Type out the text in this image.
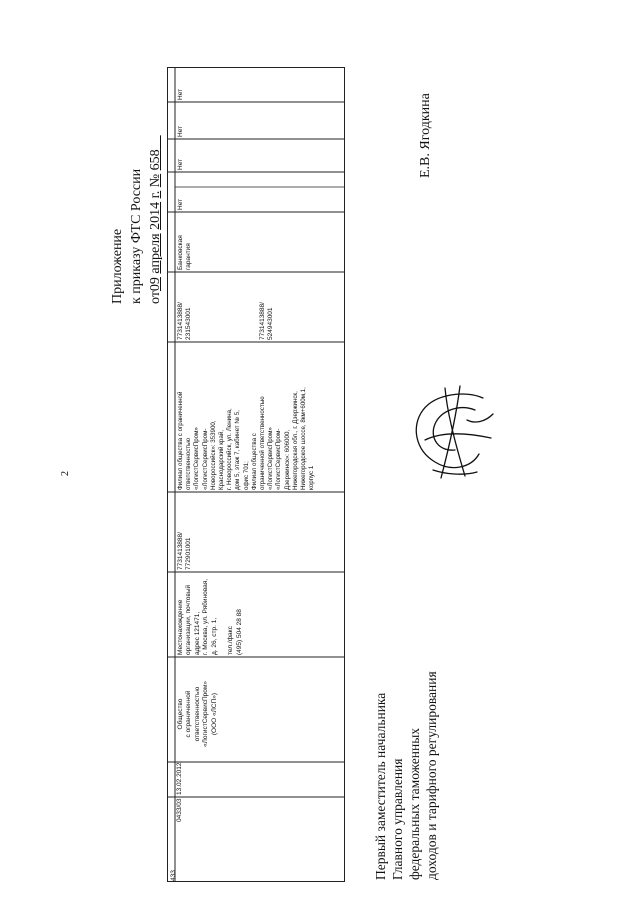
2
Приложение к приказу ФТС России от09 апреля 2014 г. № 658
433
0433/03
13.02.2012
Общество с ограниченной ответственностью «ЛогистСервисПром» (ООО «ЛСП»)
Местонахождение организации, почтовый адрес 121471, г. Москва, ул. Рябиновая, д. 26, стр. 1,
тел./факс (495) 504 28 88
7731413888/ 772901001
Филиал общества с ограниченной ответственностью «ЛогистСервисПром» «ЛогистСервисПром- Новороссийск»: 353900, Краснодарский край, г. Новороссийск, ул. Ленина, дом 5, этаж 7, кабинет № 5, офис 701; Филиал общества с ограниченной ответственностью «ЛогистСервисПром» «ЛогистСервисПром- Дзержинск»: 606000, Нижегородская обл., г. Дзержинск, Нижегородское шоссе, 8км+600м,1, корпус 1
7731413888/ 231543001	7731413888/ 524943001
Банковская гарантия
Нет
Нет
Нет
Нет
Первый заместитель начальника Главного управления федеральных таможенных доходов и тарифного регулирования
Е.В. Ягодкина
